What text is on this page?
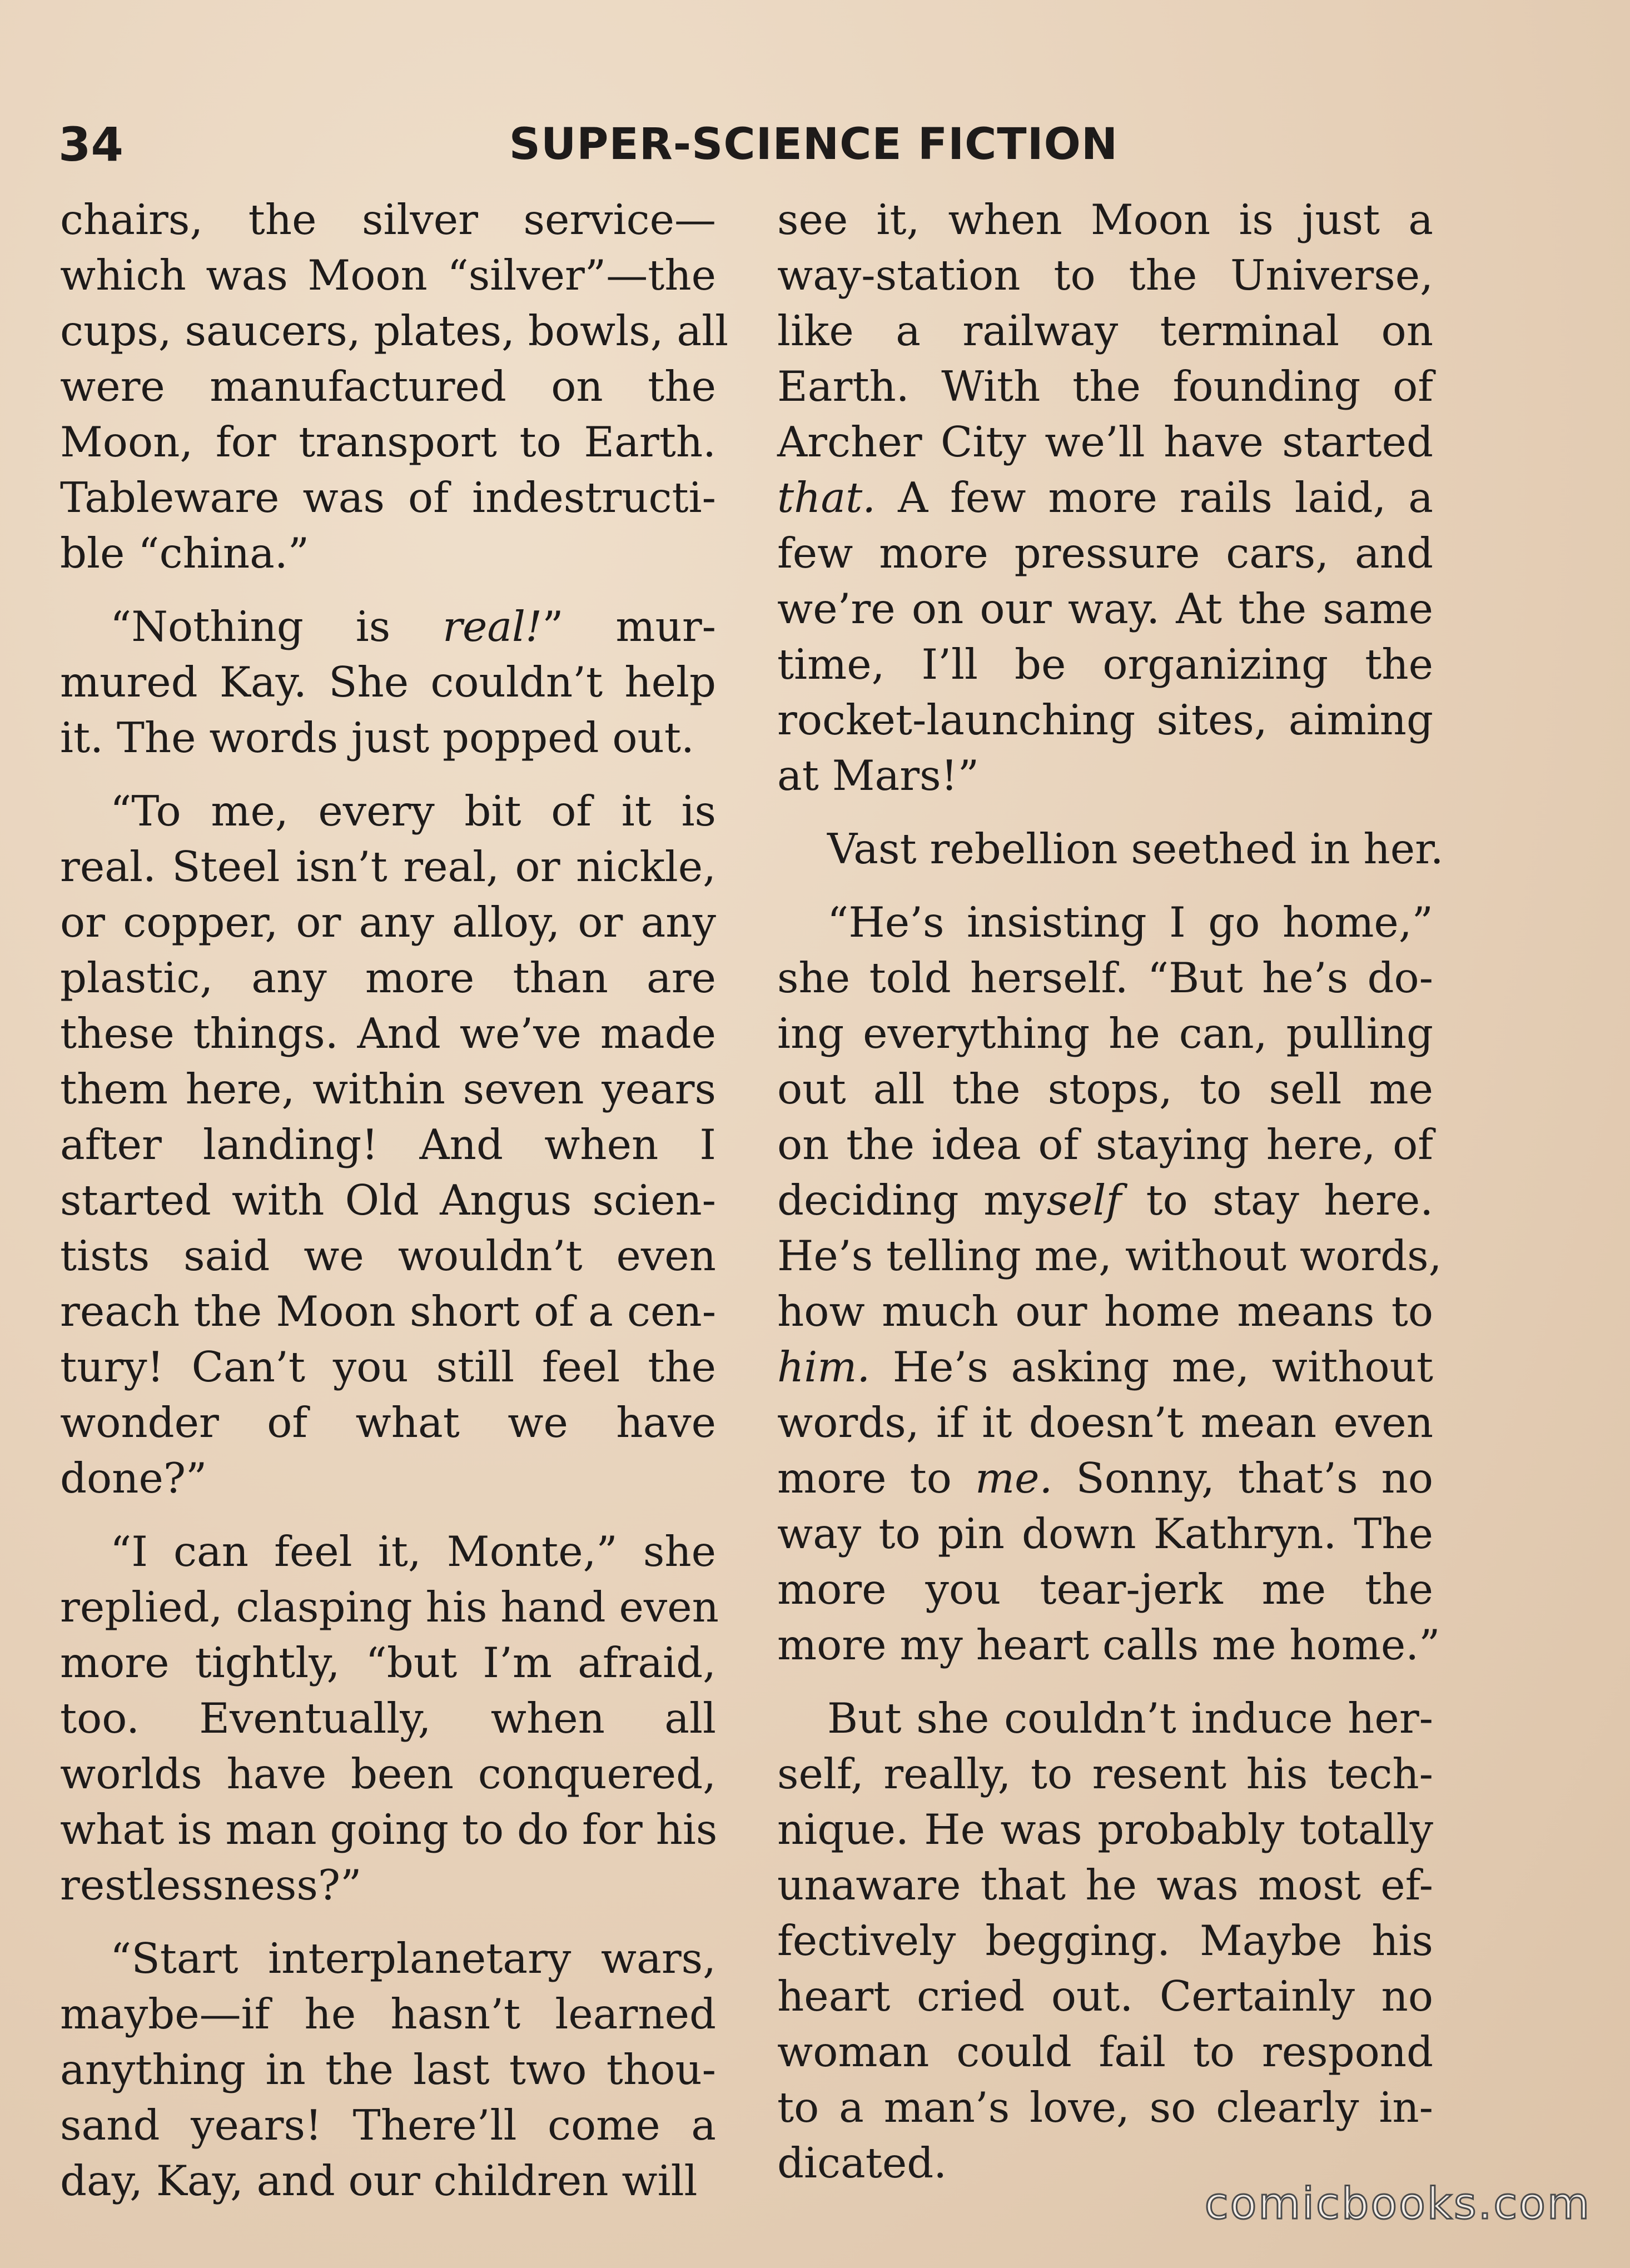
34	SUPER-SCIENCE FICTION
chairs, the silver service—
which was Moon “silver”—the
cups, saucers, plates, bowls, all
were manufactured on the
Moon, for transport to Earth.
Tableware was of indestructi-
ble “china.”
“Nothing is real!” mur-
mured Kay. She couldn’t help
it. The words just popped out.
“To me, every bit of it is
real. Steel isn’t real, or nickle,
or copper, or any alloy, or any
plastic, any more than are
these things. And we’ve made
them here, within seven years
after landing! And when I
started with Old Angus scien-
tists said we wouldn’t even
reach the Moon short of a cen-
tury! Can’t you still feel the
wonder of what we have
done?”
“I can feel it, Monte,” she
replied, clasping his hand even
more tightly, “but I’m afraid,
too. Eventually, when all
worlds have been conquered,
what is man going to do for his
restlessness?”
“Start interplanetary wars,
maybe—if he hasn’t learned
anything in the last two thou-
sand years! There’ll come a
day, Kay, and our children will
see it, when Moon is just a
way-station to the Universe,
like a railway terminal on
Earth. With the founding of
Archer City we’ll have started
that. A few more rails laid, a
few more pressure cars, and
we’re on our way. At the same
time, I’ll be organizing the
rocket-launching sites, aiming
at Mars!”
Vast rebellion seethed in her.
“He’s insisting I go home,”
she told herself. “But he’s do-
ing everything he can, pulling
out all the stops, to sell me
on the idea of staying here, of
deciding myself to stay here.
He’s telling me, without words,
how much our home means to
him. He’s asking me, without
words, if it doesn’t mean even
more to me. Sonny, that’s no
way to pin down Kathryn. The
more you tear-jerk me the
more my heart calls me home.”
But she couldn’t induce her-
self, really, to resent his tech-
nique. He was probably totally
unaware that he was most ef-
fectively begging. Maybe his
heart cried out. Certainly no
woman could fail to respond
to a man’s love, so clearly in-
dicated.
comicbooks.com
